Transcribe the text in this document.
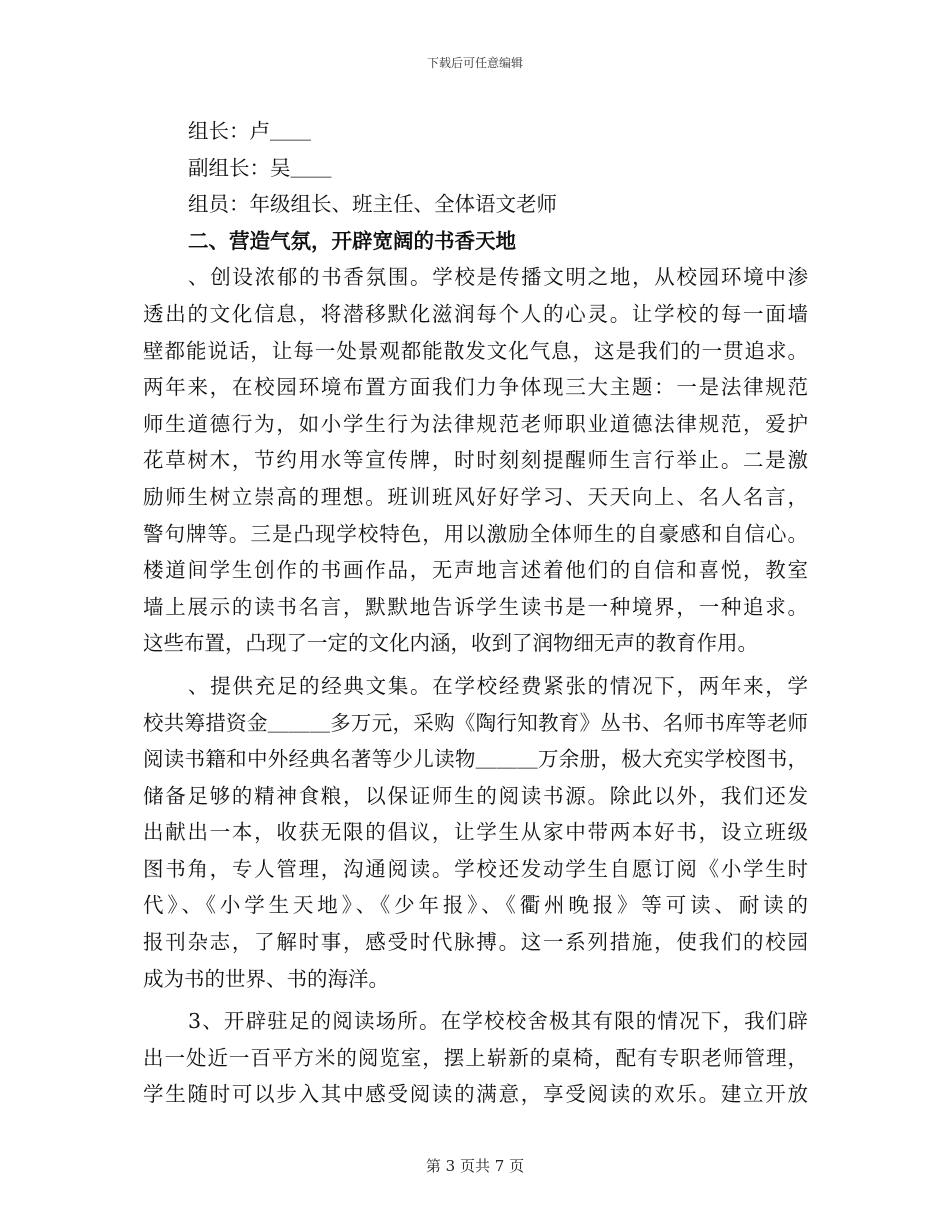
下载后可任意编辑
组长：卢＿＿
副组长：吴＿＿
组员：年级组长、班主任、全体语文老师
二、营造气氛，开辟宽阔的书香天地
、创设浓郁的书香氛围。学校是传播文明之地，从校园环境中渗
透出的文化信息，将潜移默化滋润每个人的心灵。让学校的每一面墙
壁都能说话，让每一处景观都能散发文化气息，这是我们的一贯追求。
两年来，在校园环境布置方面我们力争体现三大主题：一是法律规范
师生道德行为，如小学生行为法律规范老师职业道德法律规范，爱护
花草树木，节约用水等宣传牌，时时刻刻提醒师生言行举止。二是激
励师生树立崇高的理想。班训班风好好学习、天天向上、名人名言，
警句牌等。三是凸现学校特色，用以激励全体师生的自豪感和自信心。
楼道间学生创作的书画作品，无声地言述着他们的自信和喜悦，教室
墙上展示的读书名言，默默地告诉学生读书是一种境界，一种追求。
这些布置，凸现了一定的文化内涵，收到了润物细无声的教育作用。
、提供充足的经典文集。在学校经费紧张的情况下，两年来，学
校共筹措资金＿＿＿多万元，采购《陶行知教育》丛书、名师书库等老师
阅读书籍和中外经典名著等少儿读物＿＿＿万余册，极大充实学校图书，
储备足够的精神食粮，以保证师生的阅读书源。除此以外，我们还发
出献出一本，收获无限的倡议，让学生从家中带两本好书，设立班级
图书角，专人管理，沟通阅读。学校还发动学生自愿订阅《小学生时
代》、《小学生天地》、《少年报》、《衢州晚报》等可读、耐读的
报刊杂志，了解时事，感受时代脉搏。这一系列措施，使我们的校园
成为书的世界、书的海洋。
3、开辟驻足的阅读场所。在学校校舍极其有限的情况下，我们辟
出一处近一百平方米的阅览室，摆上崭新的桌椅，配有专职老师管理，
学生随时可以步入其中感受阅读的满意，享受阅读的欢乐。建立开放
第 3 页共 7 页
